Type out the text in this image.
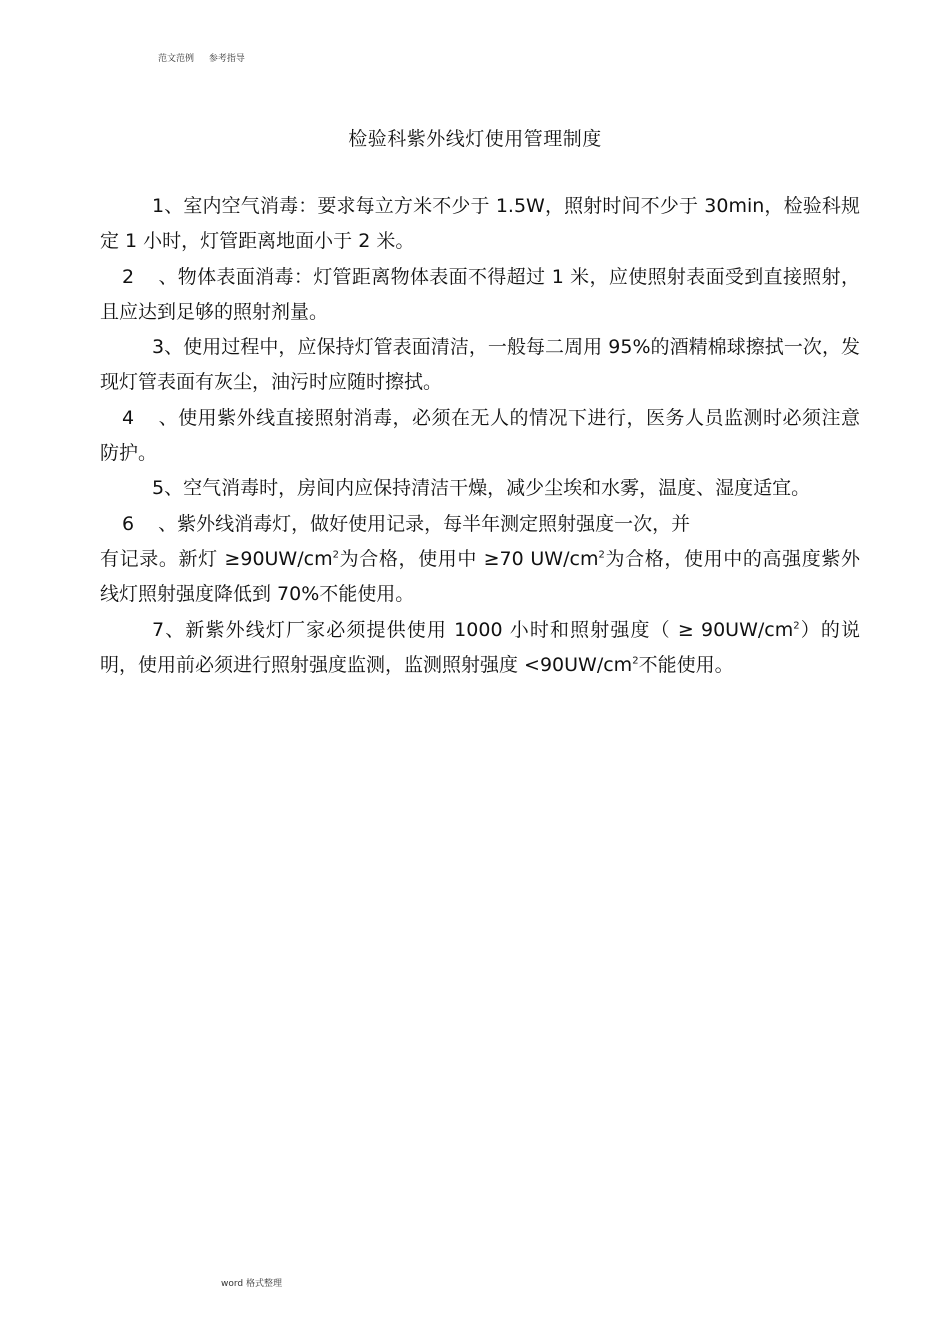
范文范例 参考指导
检验科紫外线灯使用管理制度

1、室内空气消毒：要求每立方米不少于 1.5W，照射时间不少于 30min，检验科规定 1 小时，灯管距离地面小于 2 米。

2 、物体表面消毒：灯管距离物体表面不得超过 1 米，应使照射表面受到直接照射，且应达到足够的照射剂量。

3、使用过程中，应保持灯管表面清洁，一般每二周用 95%的酒精棉球擦拭一次，发现灯管表面有灰尘，油污时应随时擦拭。

4 、使用紫外线直接照射消毒，必须在无人的情况下进行，医务人员监测时必须注意防护。

5、空气消毒时，房间内应保持清洁干燥，减少尘埃和水雾，温度、湿度适宜。

6 、紫外线消毒灯，做好使用记录，每半年测定照射强度一次，并
有记录。新灯 $\ge 90UW/cm^2$为合格，使用中 ≥70 $UW/cm^2$为合格，使用中的高强度紫外线灯照射强度降低到 70%不能使用。

7、新紫外线灯厂家必须提供使用 1000 小时和照射强度（ ≥ $90UW/cm^2$）的说明，使用前必须进行照射强度监测，监测照射强度 $<90UW/cm^2$不能使用。

word 格式整理
